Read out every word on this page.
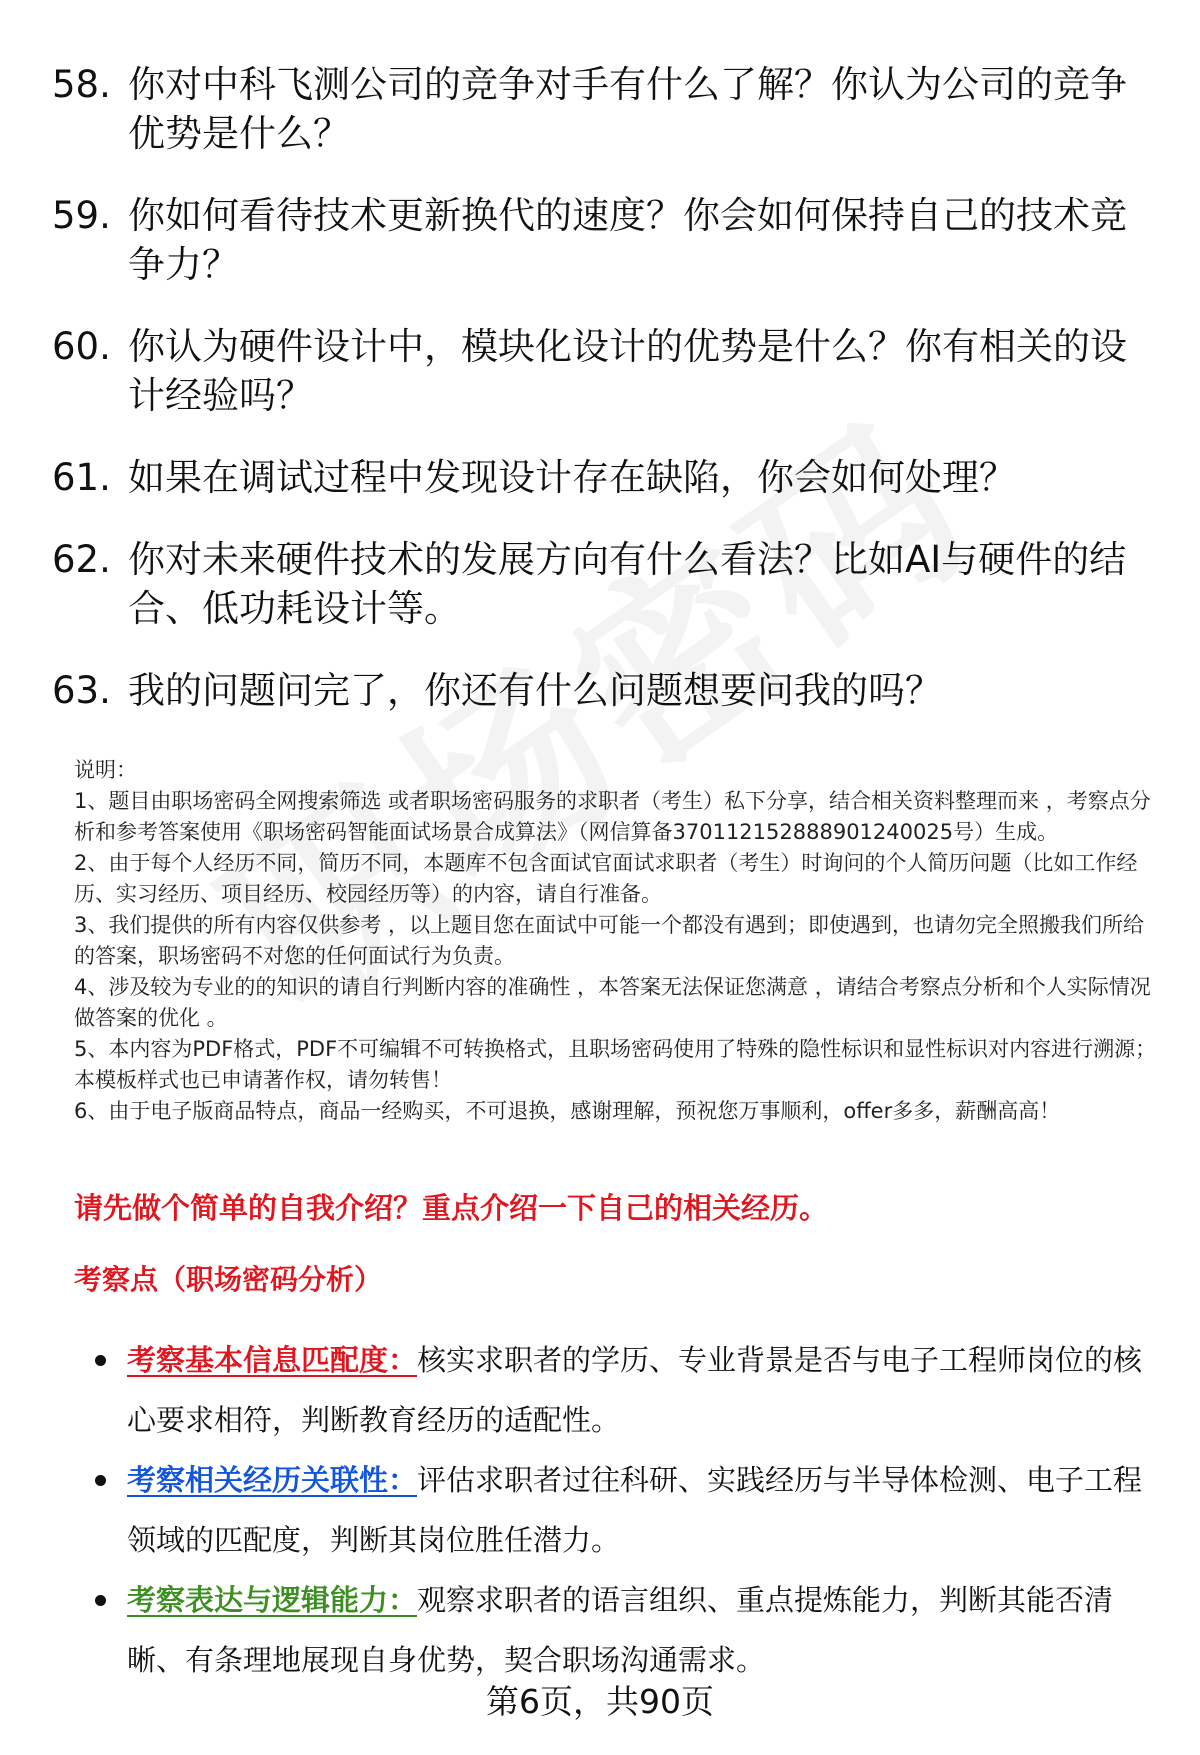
58. 你对中科飞测公司的竞争对手有什么了解？你认为公司的竞争优势是什么？
59. 你如何看待技术更新换代的速度？你会如何保持自己的技术竞争力？
60. 你认为硬件设计中，模块化设计的优势是什么？你有相关的设计经验吗？
61. 如果在调试过程中发现设计存在缺陷，你会如何处理？
62. 你对未来硬件技术的发展方向有什么看法？比如AI与硬件的结合、低功耗设计等。
63. 我的问题问完了，你还有什么问题想要问我的吗？

说明：

1、题目由职场密码全网搜索筛选 或者职场密码服务的求职者（考生）私下分享，结合相关资料整理而来 ，考察点分析和参考答案使用《职场密码智能面试场景合成算法》（网信算备370112152888901240025号）生成。

2、由于每个人经历不同，简历不同，本题库不包含面试官面试求职者（考生）时询问的个人简历问题（比如工作经历、实习经历、项目经历、校园经历等）的内容，请自行准备。

3、我们提供的所有内容仅供参考 ，以上题目您在面试中可能一个都没有遇到；即使遇到，也请勿完全照搬我们所给的答案，职场密码不对您的任何面试行为负责。

4、涉及较为专业的的知识的请自行判断内容的准确性 ，本答案无法保证您满意 ，请结合考察点分析和个人实际情况做答案的优化 。

5、本内容为PDF格式，PDF不可编辑不可转换格式，且职场密码使用了特殊的隐性标识和显性标识对内容进行溯源；本模板样式也已申请著作权，请勿转售！

6、由于电子版商品特点，商品一经购买，不可退换，感谢理解，预祝您万事顺利，offer多多，薪酬高高！

请先做个简单的自我介绍？重点介绍一下自己的相关经历。
考察点（职场密码分析）
考察基本信息匹配度：核实求职者的学历、专业背景是否与电子工程师岗位的核心要求相符，判断教育经历的适配性。
考察相关经历关联性：评估求职者过往科研、实践经历与半导体检测、电子工程领域的匹配度，判断其岗位胜任潜力。
考察表达与逻辑能力：观察求职者的语言组织、重点提炼能力，判断其能否清晰、有条理地展现自身优势，契合职场沟通需求。
第6页，共90页
